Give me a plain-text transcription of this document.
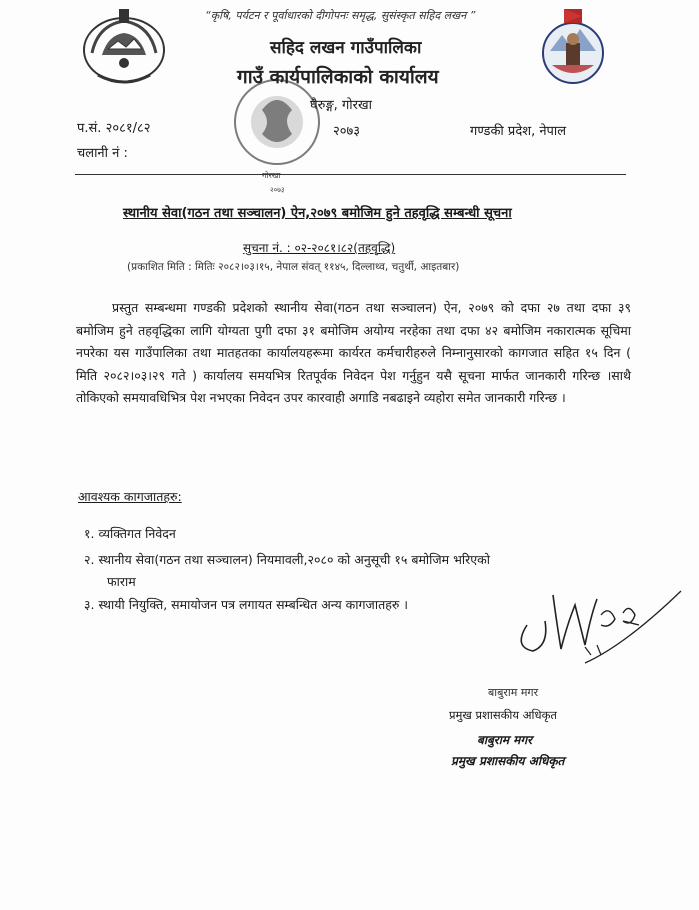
गोरखा
२०७३
“कृषि, पर्यटन र पूर्वाधारको दीगोपनः समृद्ध, सुसंस्कृत सहिद लखन ”
सहिद लखन गाउँपालिका
गाउँ कार्यपालिकाको कार्यालय
घैरुङ्ग, गोरखा
प.सं. २०८१/८२	२०७३	गण्डकी प्रदेश, नेपाल
चलानी नं :
स्थानीय सेवा(गठन तथा सञ्चालन) ऐन,२०७९ बमोजिम हुने तहवृद्धि सम्बन्धी सूचना
सुचना नं. : ०२-२०८१।८२(तहवृद्धि)
(प्रकाशित मिति : मितिः २०८२।०३।१५, नेपाल संवत् ११४५, दिल्लाथ्व, चतुर्थी, आइतबार)
प्रस्तुत सम्बन्धमा गण्डकी प्रदेशको स्थानीय सेवा(गठन तथा सञ्चालन) ऐन, २०७९ को दफा २७ तथा दफा ३९ बमोजिम हुने तहवृद्धिका लागि योग्यता पुगी दफा ३१ बमोजिम अयोग्य नरहेका तथा दफा ४२ बमोजिम नकारात्मक सूचिमा नपरेका यस गाउँपालिका तथा मातहतका कार्यालयहरूमा कार्यरत कर्मचारीहरुले निम्नानुसारको कागजात सहित १५ दिन ( मिति २०८२।०३।२९ गते ) कार्यालय समयभित्र रितपूर्वक निवेदन पेश गर्नुहुन यसै सूचना मार्फत जानकारी गरिन्छ ।साथै तोकिएको समयावधिभित्र पेश नभएका निवेदन उपर कारवाही अगाडि नबढाइने व्यहोरा समेत जानकारी गरिन्छ ।
आवश्यक कागजातहरु:
१. व्यक्तिगत निवेदन
२. स्थानीय सेवा(गठन तथा सञ्चालन) नियमावली,२०८० को अनुसूची १५ बमोजिम भरिएको
फाराम
३. स्थायी नियुक्ति, समायोजन पत्र लगायत सम्बन्धित अन्य कागजातहरु ।
बाबुराम मगर
प्रमुख प्रशासकीय अधिकृत
बाबुराम मगर
प्रमुख प्रशासकीय अधिकृत
